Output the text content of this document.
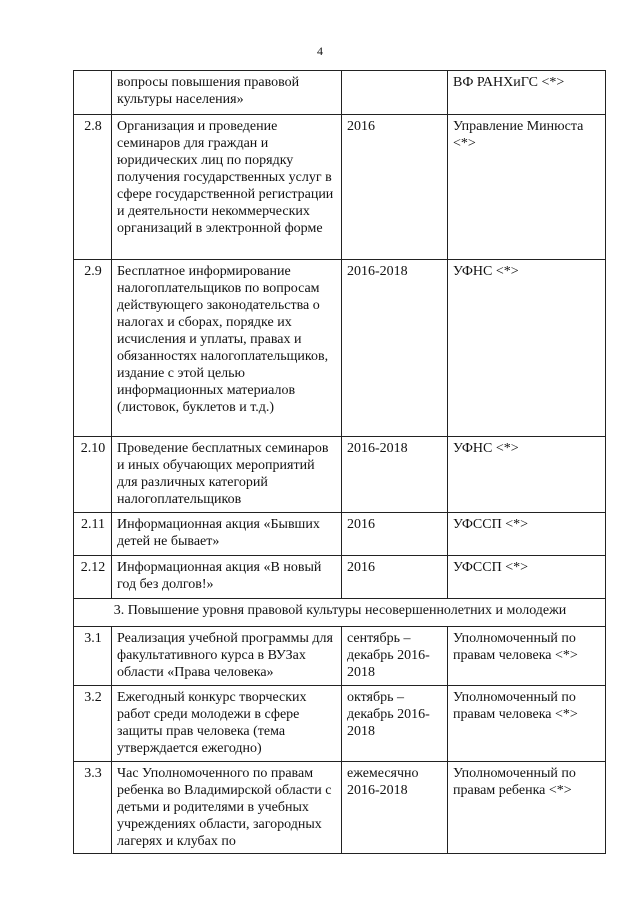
4
	вопросы повышения правовой культуры населения»		ВФ РАНХиГС <*>
2.8	Организация и проведение семинаров для граждан и юридических лиц по порядку получения государственных услуг в сфере государственной регистрации и деятельности некоммерческих организаций в электронной форме	2016	Управление Минюста <*>
2.9	Бесплатное информирование налогоплательщиков по вопросам действующего законодательства о налогах и сборах, порядке их исчисления и уплаты, правах и обязанностях налогоплательщиков, издание с этой целью информационных материалов (листовок, буклетов и т.д.)	2016-2018	УФНС <*>
2.10	Проведение бесплатных семинаров и иных обучающих мероприятий для различных категорий налогоплательщиков	2016-2018	УФНС <*>
2.11	Информационная акция «Бывших детей не бывает»	2016	УФССП <*>
2.12	Информационная акция «В новый год без долгов!»	2016	УФССП <*>
3. Повышение уровня правовой культуры несовершеннолетних и молодежи			
3.1	Реализация учебной программы для факультативного курса в ВУЗах области «Права человека»	сентябрь – декабрь 2016-2018	Уполномоченный по правам человека <*>
3.2	Ежегодный конкурс творческих работ среди молодежи в сфере защиты прав человека (тема утверждается ежегодно)	октябрь – декабрь 2016-2018	Уполномоченный по правам человека <*>
3.3	Час Уполномоченного по правам ребенка во Владимирской области с детьми и родителями в учебных учреждениях области, загородных лагерях и клубах по	ежемесячно 2016-2018	Уполномоченный по правам ребенка <*>
